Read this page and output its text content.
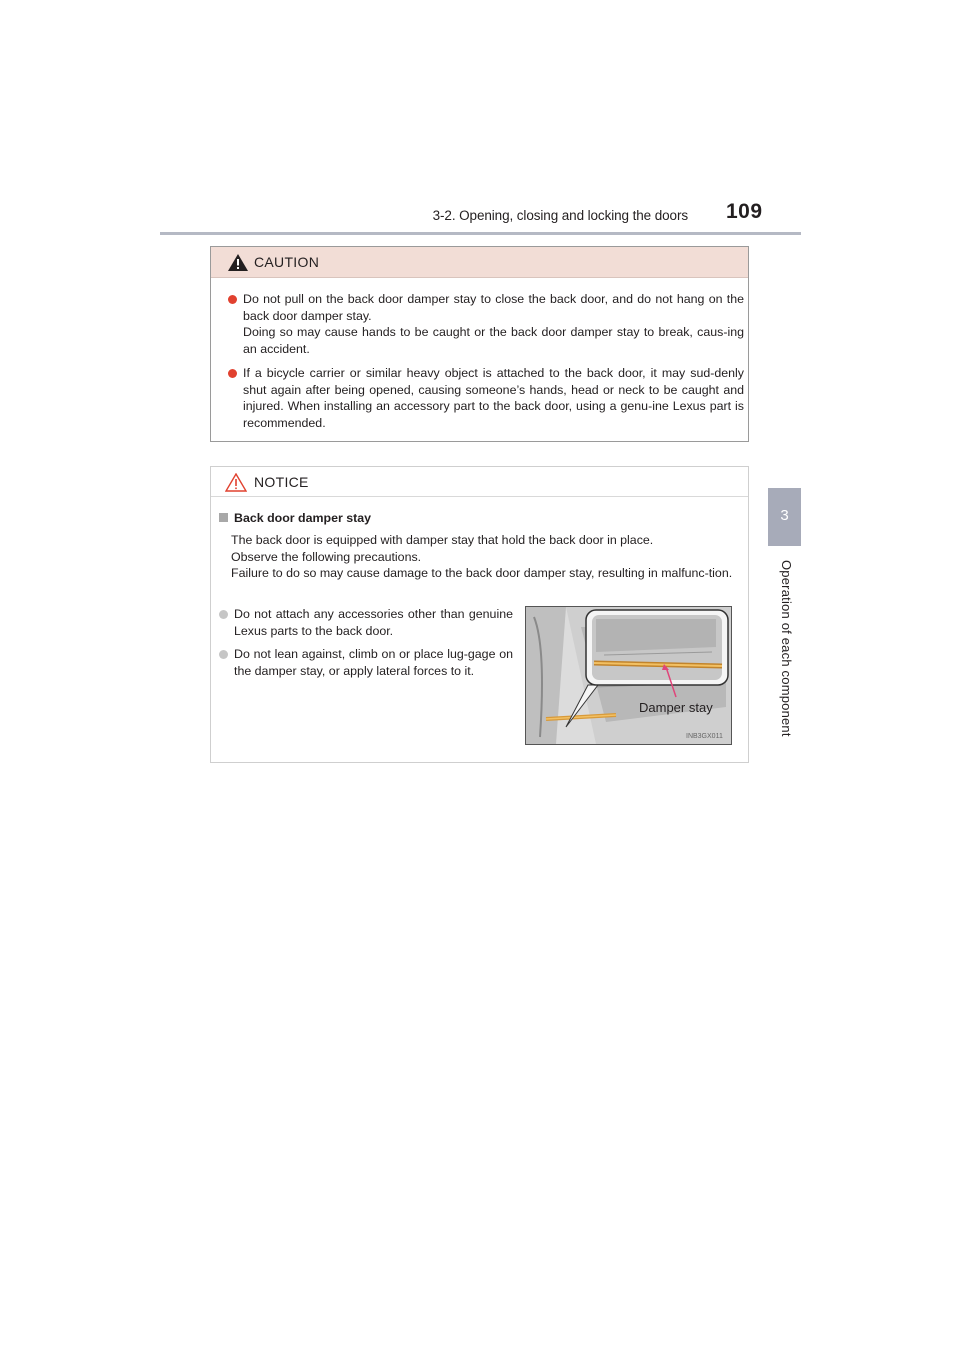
3-2. Opening, closing and locking the doors 109
3
Operation of each component
CAUTION
Do not pull on the back door damper stay to close the back door, and do not hang on the back door damper stay.
Doing so may cause hands to be caught or the back door damper stay to break, caus-ing an accident.
If a bicycle carrier or similar heavy object is attached to the back door, it may sud-denly shut again after being opened, causing someone’s hands, head or neck to be caught and injured. When installing an accessory part to the back door, using a genu-ine Lexus part is recommended.
NOTICE
Back door damper stay
The back door is equipped with damper stay that hold the back door in place.
Observe the following precautions.
Failure to do so may cause damage to the back door damper stay, resulting in malfunc-tion.
Do not attach any accessories other than genuine Lexus parts to the back door.
Do not lean against, climb on or place lug-gage on the damper stay, or apply lateral forces to it.
Damper stay
INB3GX011
